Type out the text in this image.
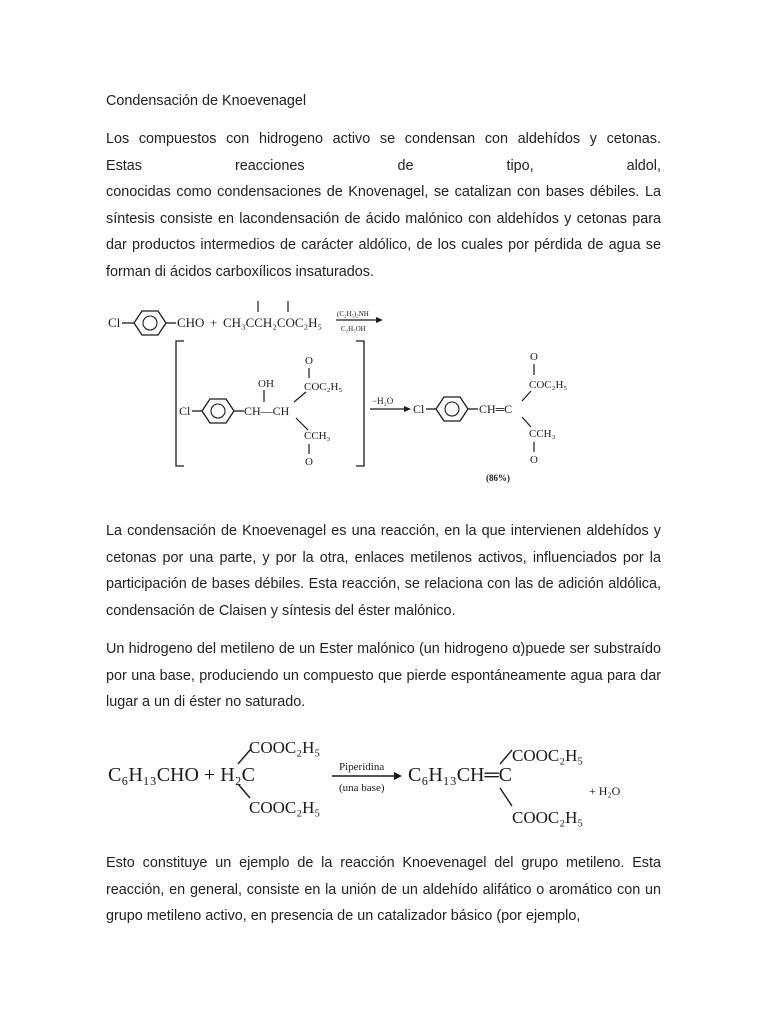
Condensación de Knoevenagel
Los compuestos con hidrogeno activo se condensan con aldehídos y cetonas.
Estas reacciones de tipo, aldol,
conocidas como condensaciones de Knovenagel, se catalizan con bases débiles. La síntesis consiste en lacondensación de ácido malónico con aldehídos y cetonas para dar productos intermedios de carácter aldólico, de los cuales por pérdida de agua se forman di ácidos carboxílicos insaturados.
Cl	CHO + CH₃CCH₂COC₂H₅
(C₂H₅)₂NH
C₂H₅OH
Cl
OH
CH—CH
O
COC₂H₅
CCH₃
O
−H₂O
Cl	CH═C
O
COC₂H₅
CCH₃
O
(86%)
La condensación de Knoevenagel es una reacción, en la que intervienen aldehídos y cetonas por una parte, y por la otra, enlaces metilenos activos, influenciados por la participación de bases débiles. Esta reacción, se relaciona con las de adición aldólica, condensación de Claisen y síntesis del éster malónico.
Un hidrogeno del metileno de un Ester malónico (un hidrogeno α)puede ser substraído por una base, produciendo un compuesto que pierde espontáneamente agua para dar lugar a un di éster no saturado.
C₆H₁₃CHO + H₂C
COOC₂H₅
COOC₂H₅
Piperidina
(una base)
C₆H₁₃CH═C
COOC₂H₅
COOC₂H₅
+ H₂O
Esto constituye un ejemplo de la reacción Knoevenagel del grupo metileno. Esta reacción, en general, consiste en la unión de un aldehído alifático o aromático con un grupo metileno activo, en presencia de un catalizador básico (por ejemplo,
